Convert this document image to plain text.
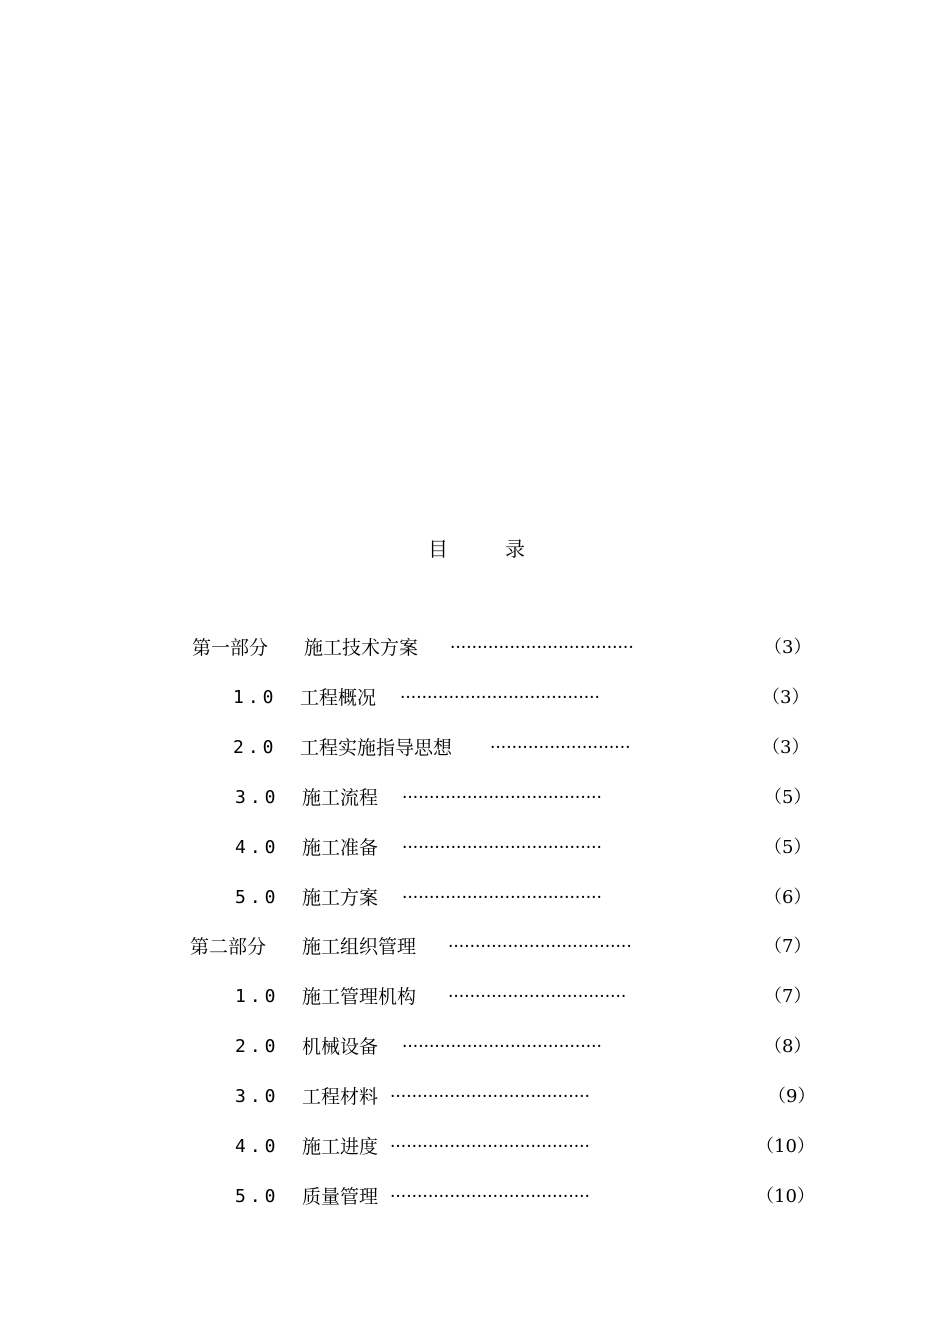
目	录
第一部分 施工技术方案 ··································	（3）
1.0 工程概况 ·····································	（3）
2.0 工程实施指导思想 ··························	（3）
3.0 施工流程 ·····································	（5）
4.0 施工准备 ·····································	（5）
5.0 施工方案 ·····································	（6）
第二部分 施工组织管理 ··································	（7）
1.0 施工管理机构 ·································	（7）
2.0 机械设备 ·····································	（8）
3.0 工程材料 ·····································	（9）
4.0 施工进度 ·····································	（10）
5.0 质量管理 ·····································	（10）
